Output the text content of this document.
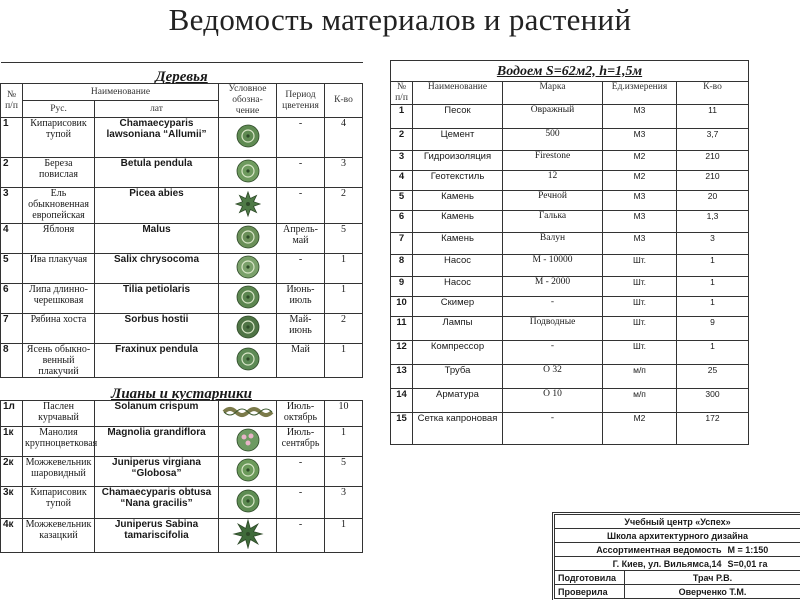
Ведомость материалов и растений
Деревья					
№ п/п	Наименование		Условное обозна-чение	Период цветения	К-во
	Рус.	лат			
1	Кипарисовик тупой	Chamaecyparis lawsoniana “Allumii”		-	4
2	Береза повислая	Betula pendula		-	3
3	Ель обыкновенная европейская	Picea abies		-	2
4	Яблоня	Malus		Апрель-май	5
5	Ива плакучая	Salix chrysocoma		-	1
6	Липа длинно-черешковая	Tilia petiolaris		Июнь-июль	1
7	Рябина хоста	Sorbus hostii		Май-июнь	2
8	Ясень обыкно-венный плакучий	Fraxinux pendula		Май	1
Лианы и кустарники					
1л	Паслен курчавый	Solanum crispum		Июль-октябрь	10
1к	Манолия крупноцветковая	Magnolia grandiflora		Июль-сентябрь	1
2к	Можжевельник шаровидный	Juniperus virgiana “Globosa”		-	5
3к	Кипарисовик тупой	Chamaecyparis obtusa “Nana gracilis”		-	3
4к	Можжевельник казацкий	Juniperus Sabina tamariscifolia		-	1
Водоем S=62м2, h=1,5м				
№ п/п	Наименование	Марка	Ед.измерения	К-во
1	Песок	Овражный	М3	11
2	Цемент	500	М3	3,7
3	Гидроизоляция	Firestone	М2	210
4	Геотекстиль	12	М2	210
5	Камень	Речной	М3	20
6	Камень	Галька	М3	1,3
7	Камень	Валун	М3	3
8	Насос	М - 10000	Шт.	1
9	Насос	М - 2000	Шт.	1
10	Скимер	-	Шт.	1
11	Лампы	Подводные	Шт.	9
12	Компрессор	-	Шт.	1
13	Труба	О 32	м/п	25
14	Арматура	О 10	м/п	300
15	Сетка капроновая	-	М2	172
Учебный центр «Успех»		
Школа архитектурного дизайна		
Ассортиментная ведомость		M = 1:150
Г. Киев, ул. Вильямса,14		S=0,01 га
Подготовила	Трач Р.В.	
Проверила	Оверченко Т.М.	
